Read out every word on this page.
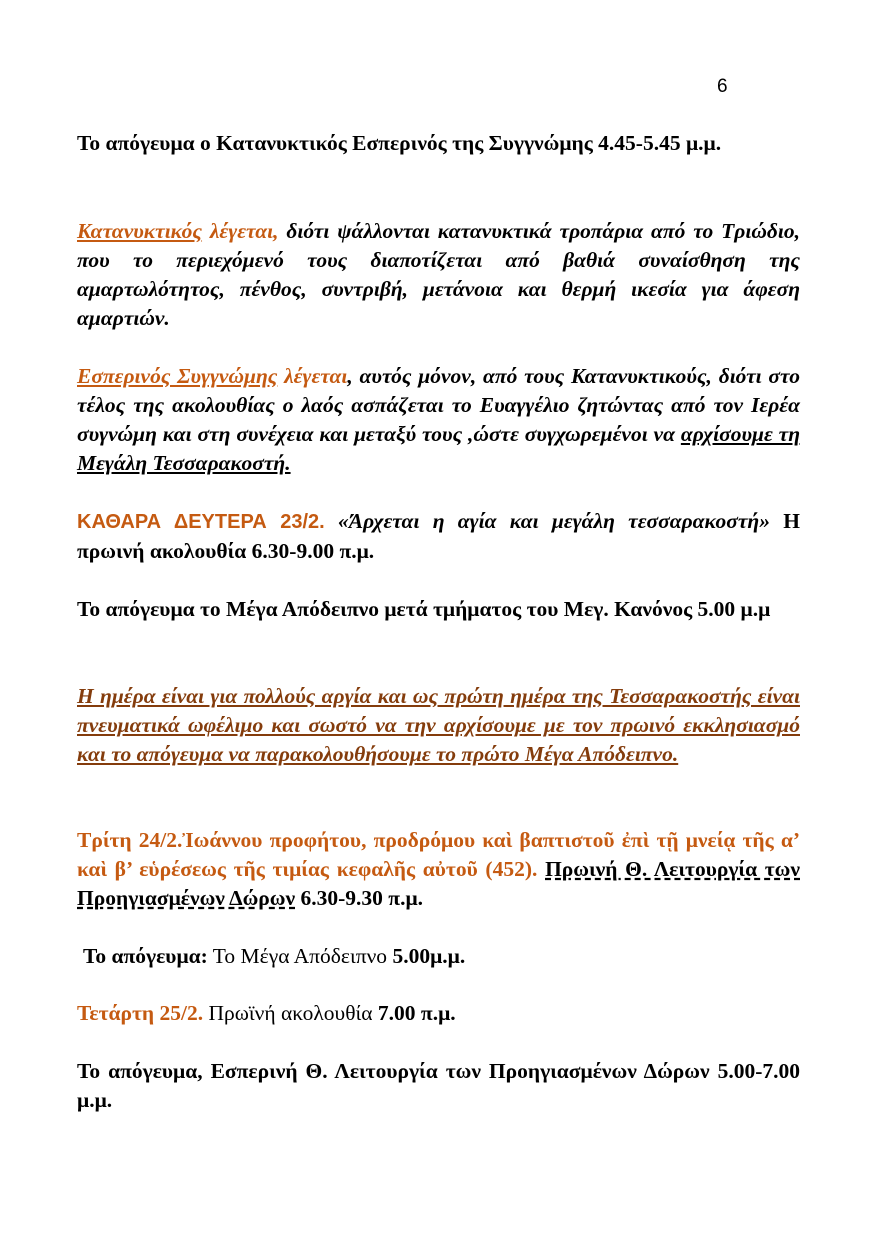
6

Το απόγευμα ο Κατανυκτικός Εσπερινός της Συγγνώμης 4.45-5.45 μ.μ.

Κατανυκτικός λέγεται, διότι ψάλλονται κατανυκτικά τροπάρια από το Τριώδιο, που το περιεχόμενό τους διαποτίζεται από βαθιά συναίσθηση της αμαρτωλότητος, πένθος, συντριβή, μετάνοια και θερμή ικεσία για άφεση αμαρτιών.

Εσπερινός Συγγνώμης λέγεται, αυτός μόνον, από τους Κατανυκτικούς, διότι στο τέλος της ακολουθίας ο λαός ασπάζεται το Ευαγγέλιο ζητώντας από τον Ιερέα συγνώμη και στη συνέχεια και μεταξύ τους ,ώστε συγχωρεμένοι να αρχίσουμε τη Μεγάλη Τεσσαρακοστή.

ΚΑΘΑΡΑ ΔΕΥΤΕΡΑ 23/2. «Άρχεται η αγία και μεγάλη τεσσαρακοστή» Η πρωινή ακολουθία 6.30-9.00 π.μ.

Το απόγευμα το Μέγα Απόδειπνο μετά τμήματος του Μεγ. Κανόνος 5.00 μ.μ

Η ημέρα είναι για πολλούς αργία και ως πρώτη ημέρα της Τεσσαρακοστής είναι πνευματικά ωφέλιμο και σωστό να την αρχίσουμε με τον πρωινό εκκλησιασμό και το απόγευμα να παρακολουθήσουμε το πρώτο Μέγα Απόδειπνο.

Τρίτη 24/2.Ἰωάννου προφήτου, προδρόμου καὶ βαπτιστοῦ ἐπὶ τῇ μνείᾳ τῆς α’ καὶ β’ εὑρέσεως τῆς τιμίας κεφαλῆς αὐτοῦ (452). Πρωινή Θ. Λειτουργία των Προηγιασμένων Δώρων 6.30-9.30 π.μ.

Το απόγευμα: Το Μέγα Απόδειπνο 5.00μ.μ.

Τετάρτη 25/2. Πρωϊνή ακολουθία 7.00 π.μ.

Το απόγευμα, Εσπερινή Θ. Λειτουργία των Προηγιασμένων Δώρων 5.00-7.00 μ.μ.
